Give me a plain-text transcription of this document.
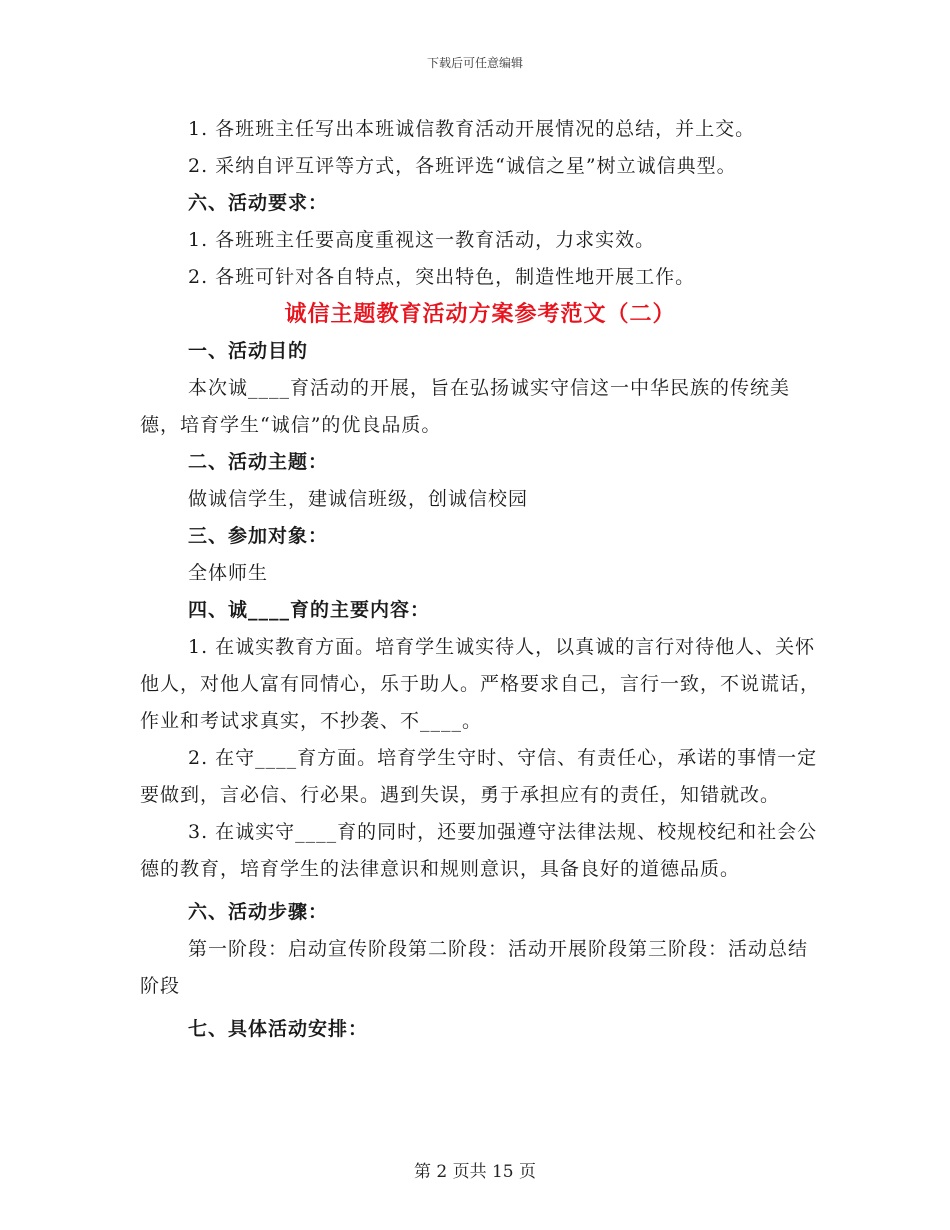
下载后可任意编辑

1. 各班班主任写出本班诚信教育活动开展情况的总结，并上交。

2. 采纳自评互评等方式，各班评选“诚信之星”树立诚信典型。

六、活动要求：

1. 各班班主任要高度重视这一教育活动，力求实效。

2. 各班可针对各自特点，突出特色，制造性地开展工作。

诚信主题教育活动方案参考范文（二）

一、活动目的

本次诚____育活动的开展，旨在弘扬诚实守信这一中华民族的传统美德，培育学生“诚信”的优良品质。

二、活动主题：

做诚信学生，建诚信班级，创诚信校园

三、参加对象：

全体师生

四、诚____育的主要内容：

1. 在诚实教育方面。培育学生诚实待人，以真诚的言行对待他人、关怀他人，对他人富有同情心，乐于助人。严格要求自己，言行一致，不说谎话，作业和考试求真实，不抄袭、不____。

2. 在守____育方面。培育学生守时、守信、有责任心，承诺的事情一定要做到，言必信、行必果。遇到失误，勇于承担应有的责任，知错就改。

3. 在诚实守____育的同时，还要加强遵守法律法规、校规校纪和社会公德的教育，培育学生的法律意识和规则意识，具备良好的道德品质。

六、活动步骤：

第一阶段：启动宣传阶段第二阶段：活动开展阶段第三阶段：活动总结阶段

七、具体活动安排：

第 2 页共 15 页
